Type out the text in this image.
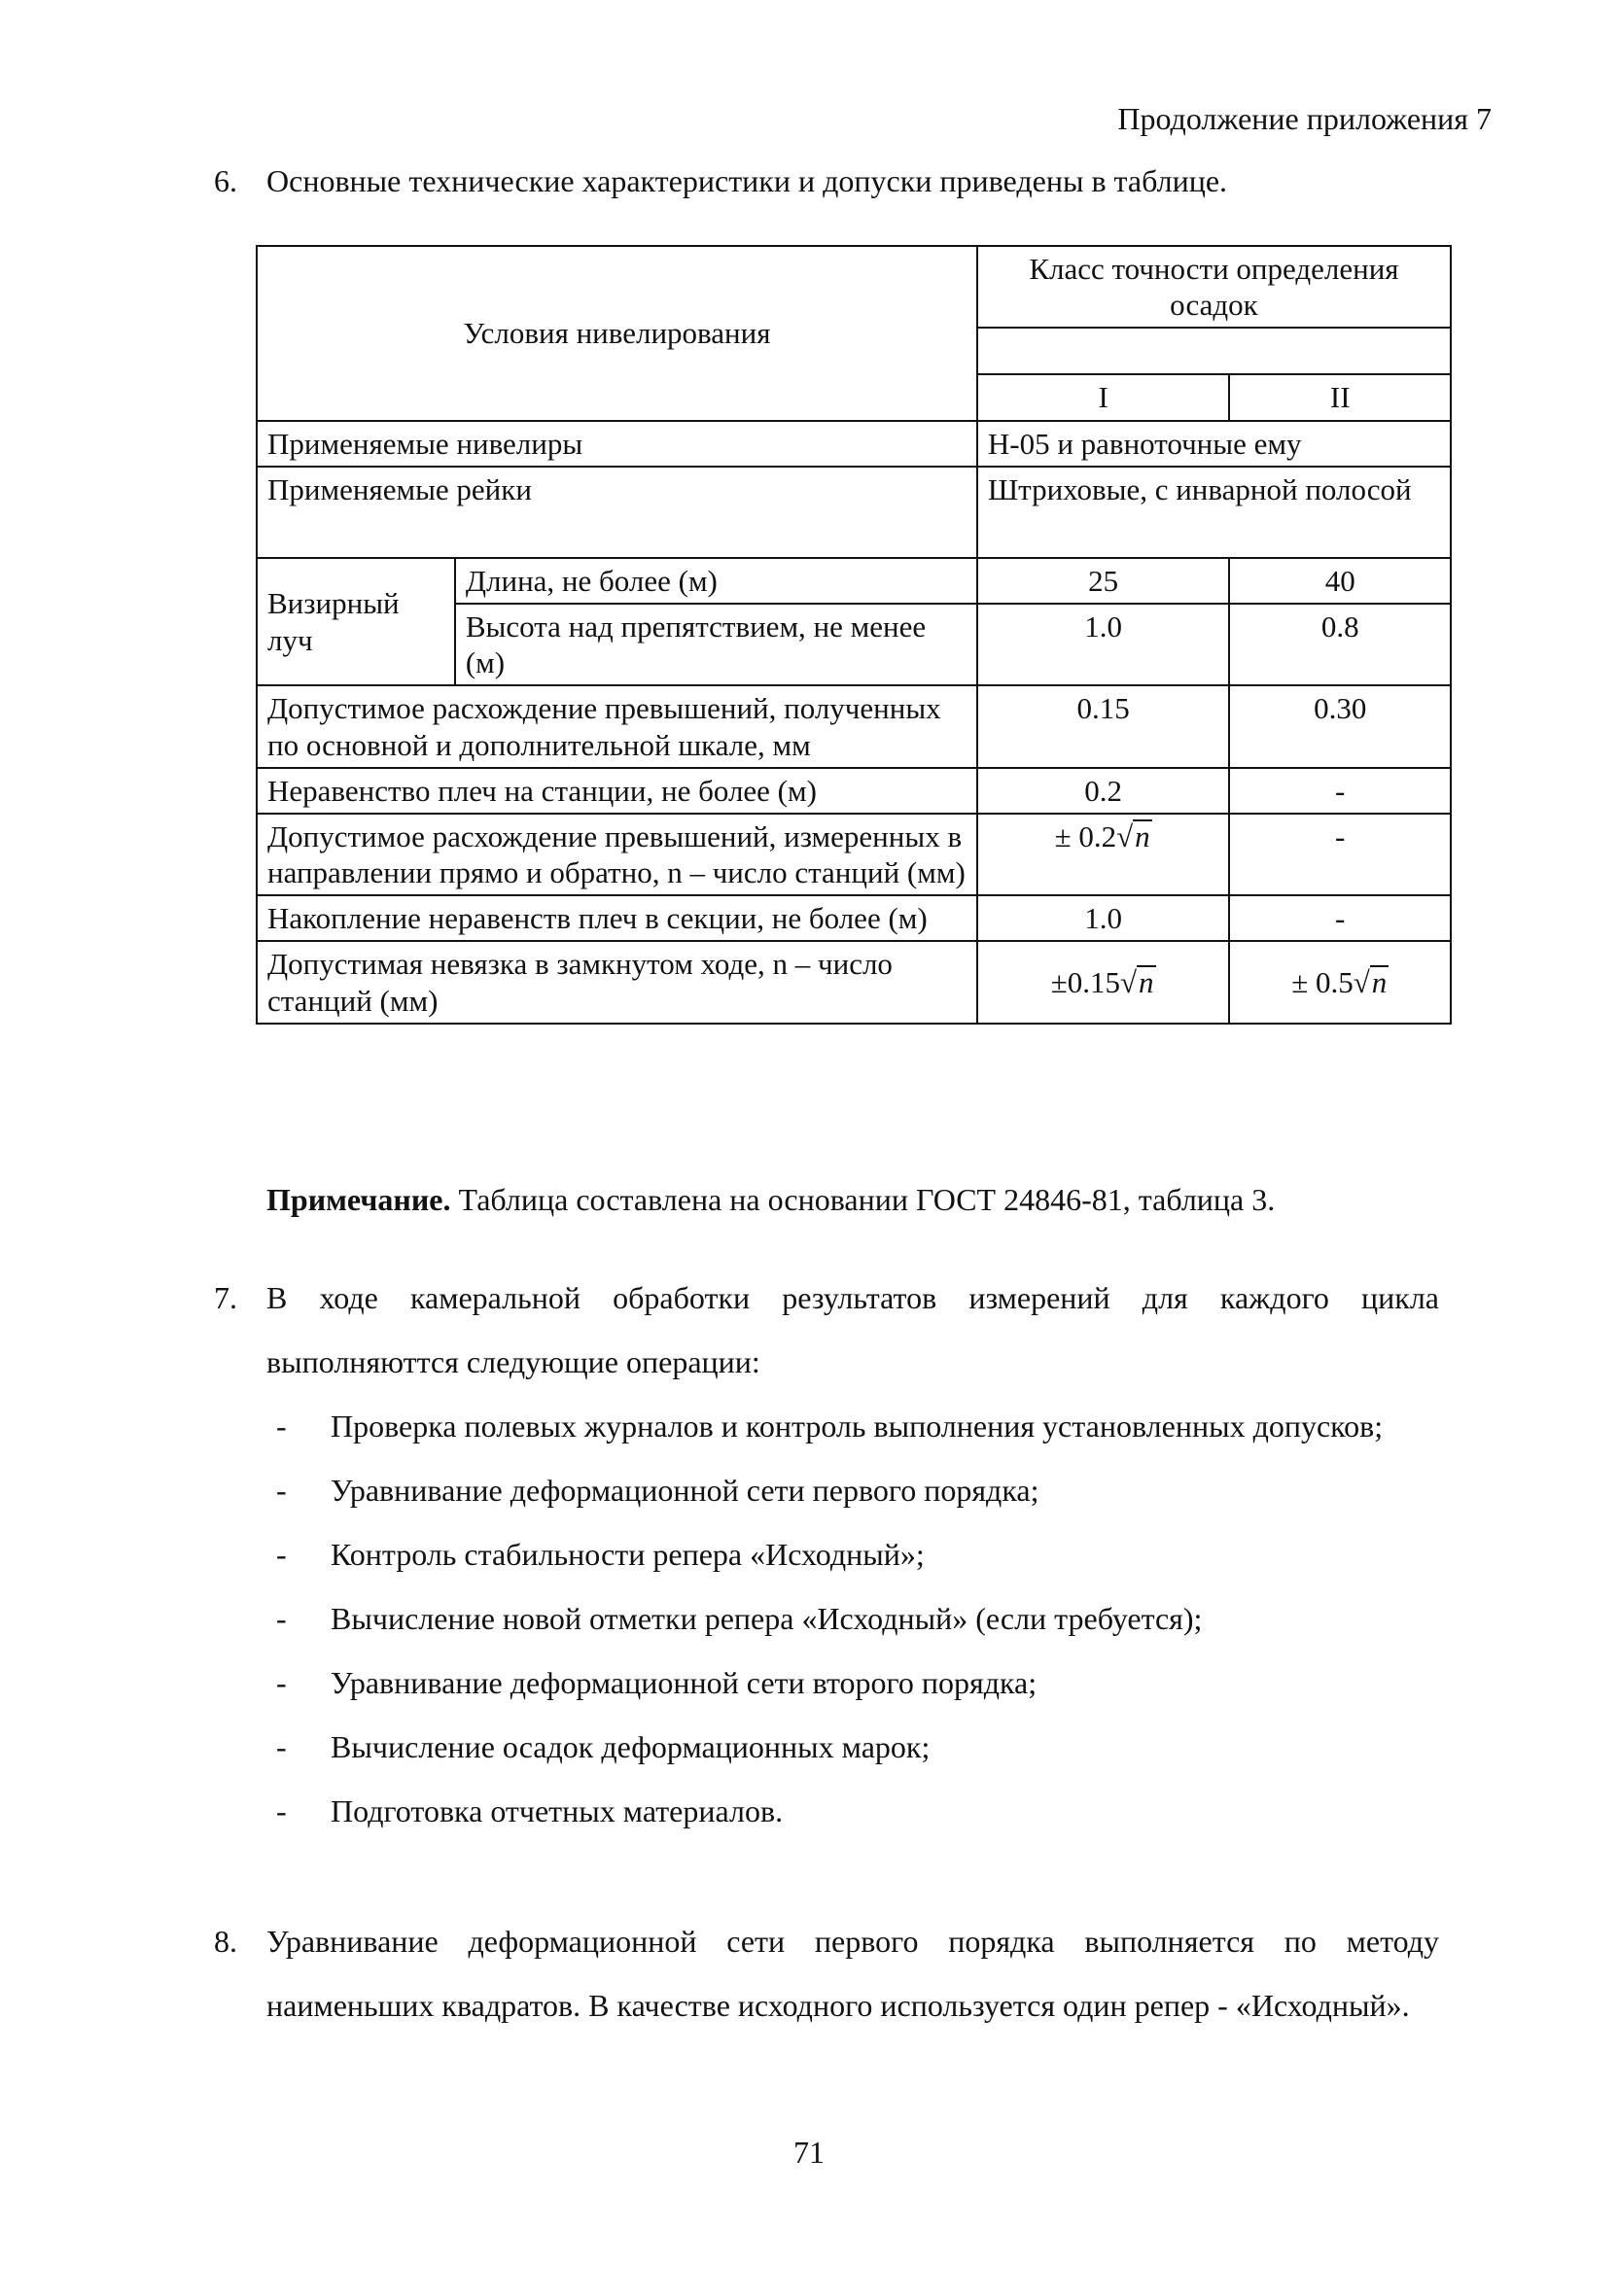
Продолжение приложения 7
6. Основные технические характеристики и допуски приведены в таблице.
Условия нивелирования		Класс точности определения осадок	

		I	II
Применяемые нивелиры		Н-05 и равноточные ему	
Применяемые рейки		Штриховые, с инварной полосой	
Визирный луч	Длина, не более (м)	25	40
	Высота над препятствием, не менее (м)	1.0	0.8
Допустимое расхождение превышений, полученных по основной и дополнительной шкале, мм		0.15	0.30
Неравенство плеч на станции, не более (м)		0.2	-
Допустимое расхождение превышений, измеренных в направлении прямо и обратно, n – число станций (мм)		± 0.2√n	-
Накопление неравенств плеч в секции, не более (м)		1.0	-
Допустимая невязка в замкнутом ходе, n – число станций (мм)		±0.15√n	± 0.5√n
Примечание. Таблица составлена на основании ГОСТ 24846-81, таблица 3.
7. В ходе камеральной обработки результатов измерений для каждого цикла выполняюттся следующие операции:
- Проверка полевых журналов и контроль выполнения установленных допусков;
- Уравнивание деформационной сети первого порядка;
- Контроль стабильности репера «Исходный»;
- Вычисление новой отметки репера «Исходный» (если требуется);
- Уравнивание деформационной сети второго порядка;
- Вычисление осадок деформационных марок;
- Подготовка отчетных материалов.
8. Уравнивание деформационной сети первого порядка выполняется по методу наименьших квадратов. В качестве исходного используется один репер - «Исходный».
71
